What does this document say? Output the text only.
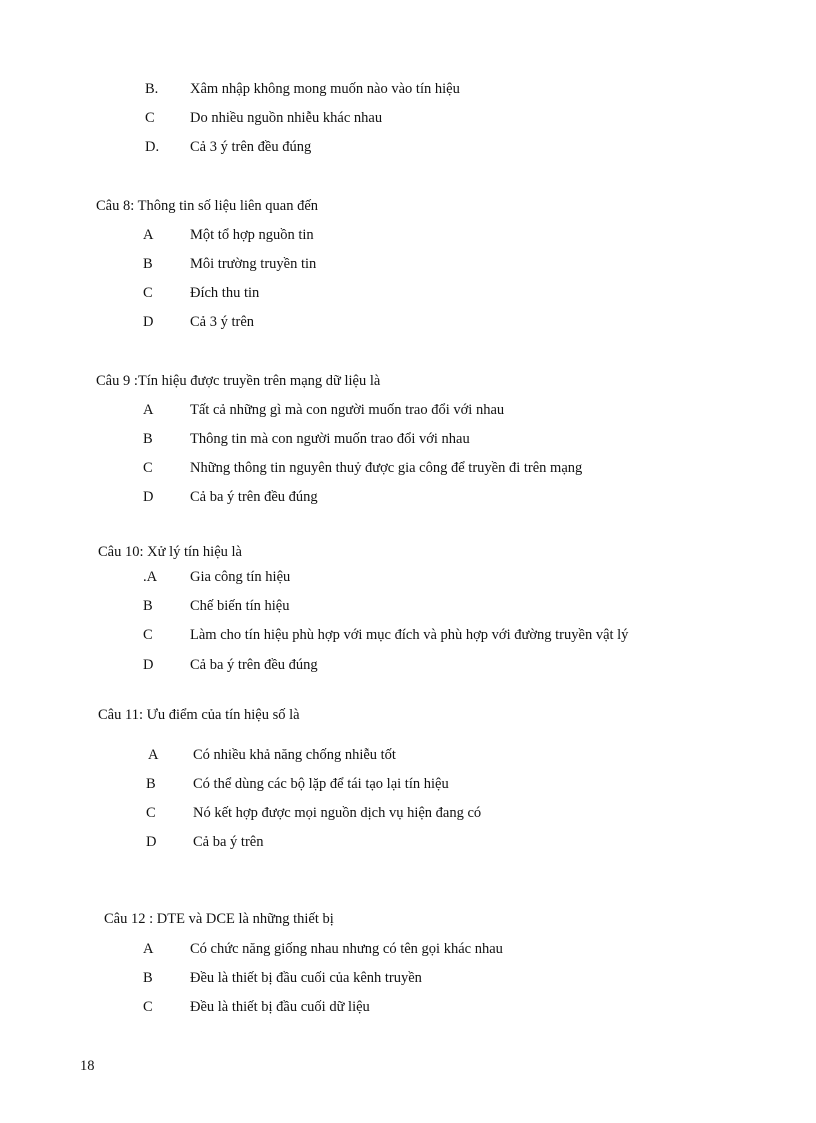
B. Xâm nhập không mong muốn nào vào tín hiệu
C Do nhiều nguồn nhiễu khác nhau
D. Cả 3 ý trên đều đúng
Câu 8: Thông tin số liệu liên quan đến
A	Một tổ hợp nguồn tin
B	Môi trường truyền tin
C	Đích thu tin
D	Cả 3 ý trên
Câu 9 :Tín hiệu được truyền trên mạng dữ liệu là
A	Tất cả những gì mà con người muốn trao đổi với nhau
B	Thông tin mà con người muốn trao đổi với nhau
C	Những thông tin nguyên thuỷ được gia công để truyền đi trên mạng
D	Cả ba ý trên đều đúng
Câu 10: Xử lý tín hiệu là
.A Gia công tín hiệu
B	Chế biến tín hiệu
C	Làm cho tín hiệu phù hợp với mục đích và phù hợp với đường truyền vật lý
D	Cả ba ý trên đều đúng
Câu 11: Ưu điểm của tín hiệu số là
A Có nhiều khả năng chống nhiễu tốt
B	Có thể dùng các bộ lặp để tái tạo lại tín hiệu
C	Nó kết hợp được mọi nguồn dịch vụ hiện đang có
D	Cả ba ý trên
Câu 12 : DTE và DCE là những thiết bị
A	Có chức năng giống nhau nhưng có tên gọi khác nhau
B	Đều là thiết bị đầu cuối của kênh truyền
C	Đều là thiết bị đầu cuối dữ liệu
18
